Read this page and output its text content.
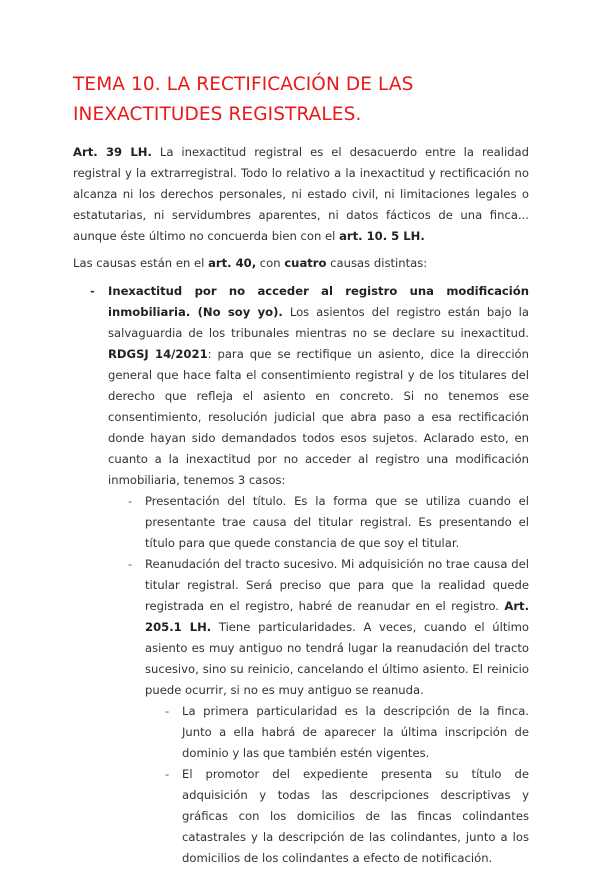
TEMA 10. LA RECTIFICACIÓN DE LAS INEXACTITUDES REGISTRALES.

Art. 39 LH. La inexactitud registral es el desacuerdo entre la realidad registral y la extrarregistral. Todo lo relativo a la inexactitud y rectificación no alcanza ni los derechos personales, ni estado civil, ni limitaciones legales o estatutarias, ni servidumbres aparentes, ni datos fácticos de una finca... aunque éste último no concuerda bien con el art. 10. 5 LH.

Las causas están en el art. 40, con cuatro causas distintas:

- Inexactitud por no acceder al registro una modificación inmobiliaria. (No soy yo). Los asientos del registro están bajo la salvaguardia de los tribunales mientras no se declare su inexactitud. RDGSJ 14/2021: para que se rectifique un asiento, dice la dirección general que hace falta el consentimiento registral y de los titulares del derecho que refleja el asiento en concreto. Si no tenemos ese consentimiento, resolución judicial que abra paso a esa rectificación donde hayan sido demandados todos esos sujetos. Aclarado esto, en cuanto a la inexactitud por no acceder al registro una modificación inmobiliaria, tenemos 3 casos:
- Presentación del título. Es la forma que se utiliza cuando el presentante trae causa del titular registral. Es presentando el título para que quede constancia de que soy el titular.
- Reanudación del tracto sucesivo. Mi adquisición no trae causa del titular registral. Será preciso que para que la realidad quede registrada en el registro, habré de reanudar en el registro. Art. 205.1 LH. Tiene particularidades. A veces, cuando el último asiento es muy antiguo no tendrá lugar la reanudación del tracto sucesivo, sino su reinicio, cancelando el último asiento. El reinicio puede ocurrir, si no es muy antiguo se reanuda.
- La primera particularidad es la descripción de la finca. Junto a ella habrá de aparecer la última inscripción de dominio y las que también estén vigentes.
- El promotor del expediente presenta su título de adquisición y todas las descripciones descriptivas y gráficas con los domicilios de las fincas colindantes catastrales y la descripción de las colindantes, junto a los domicilios de los colindantes a efecto de notificación.
